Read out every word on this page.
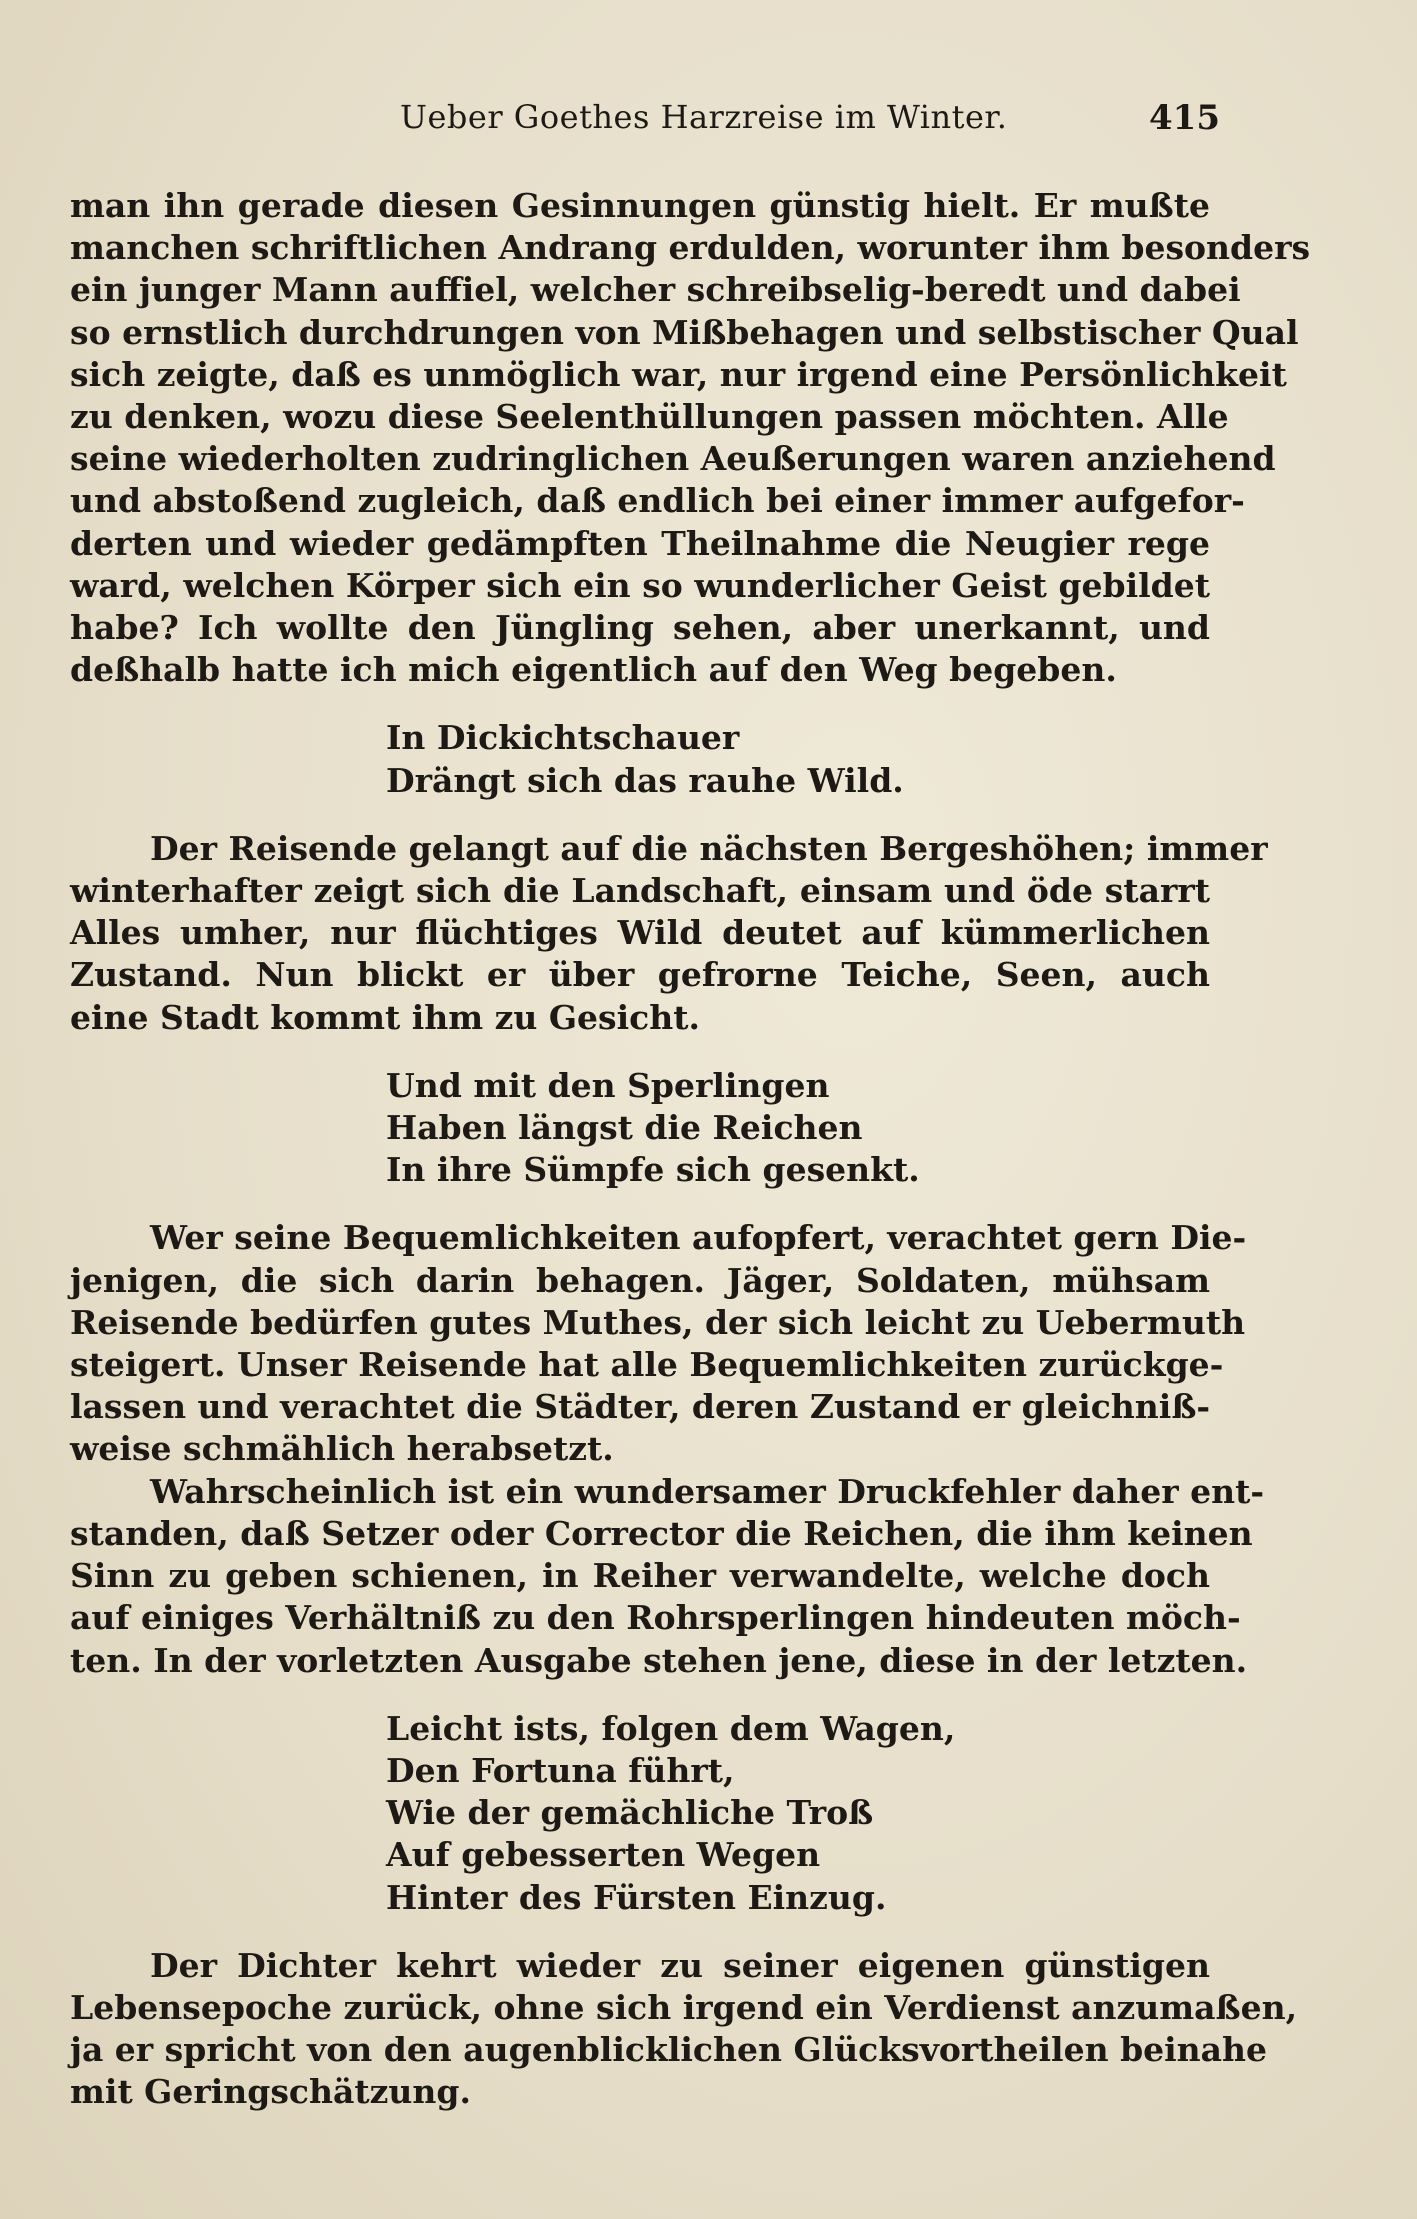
Ueber Goethes Harzreise im Winter.	415

man ihn gerade diesen Gesinnungen günstig hielt. Er mußte
manchen schriftlichen Andrang erdulden, worunter ihm besonders
ein junger Mann auffiel, welcher schreibselig-beredt und dabei
so ernstlich durchdrungen von Mißbehagen und selbstischer Qual
sich zeigte, daß es unmöglich war, nur irgend eine Persönlichkeit
zu denken, wozu diese Seelenthüllungen passen möchten. Alle
seine wiederholten zudringlichen Aeußerungen waren anziehend
und abstoßend zugleich, daß endlich bei einer immer aufgefor-
derten und wieder gedämpften Theilnahme die Neugier rege
ward, welchen Körper sich ein so wunderlicher Geist gebildet
habe? Ich wollte den Jüngling sehen, aber unerkannt, und
deßhalb hatte ich mich eigentlich auf den Weg begeben.

In Dickichtschauer
Drängt sich das rauhe Wild.

Der Reisende gelangt auf die nächsten Bergeshöhen; immer
winterhafter zeigt sich die Landschaft, einsam und öde starrt
Alles umher, nur flüchtiges Wild deutet auf kümmerlichen
Zustand. Nun blickt er über gefrorne Teiche, Seen, auch
eine Stadt kommt ihm zu Gesicht.

Und mit den Sperlingen
Haben längst die Reichen
In ihre Sümpfe sich gesenkt.

Wer seine Bequemlichkeiten aufopfert, verachtet gern Die-
jenigen, die sich darin behagen. Jäger, Soldaten, mühsam
Reisende bedürfen gutes Muthes, der sich leicht zu Uebermuth
steigert. Unser Reisende hat alle Bequemlichkeiten zurückge-
lassen und verachtet die Städter, deren Zustand er gleichniß-
weise schmählich herabsetzt.

Wahrscheinlich ist ein wundersamer Druckfehler daher ent-
standen, daß Setzer oder Corrector die Reichen, die ihm keinen
Sinn zu geben schienen, in Reiher verwandelte, welche doch
auf einiges Verhältniß zu den Rohrsperlingen hindeuten möch-
ten. In der vorletzten Ausgabe stehen jene, diese in der letzten.

Leicht ists, folgen dem Wagen,
Den Fortuna führt,
Wie der gemächliche Troß
Auf gebesserten Wegen
Hinter des Fürsten Einzug.

Der Dichter kehrt wieder zu seiner eigenen günstigen
Lebensepoche zurück, ohne sich irgend ein Verdienst anzumaßen,
ja er spricht von den augenblicklichen Glücksvortheilen beinahe
mit Geringschätzung.
